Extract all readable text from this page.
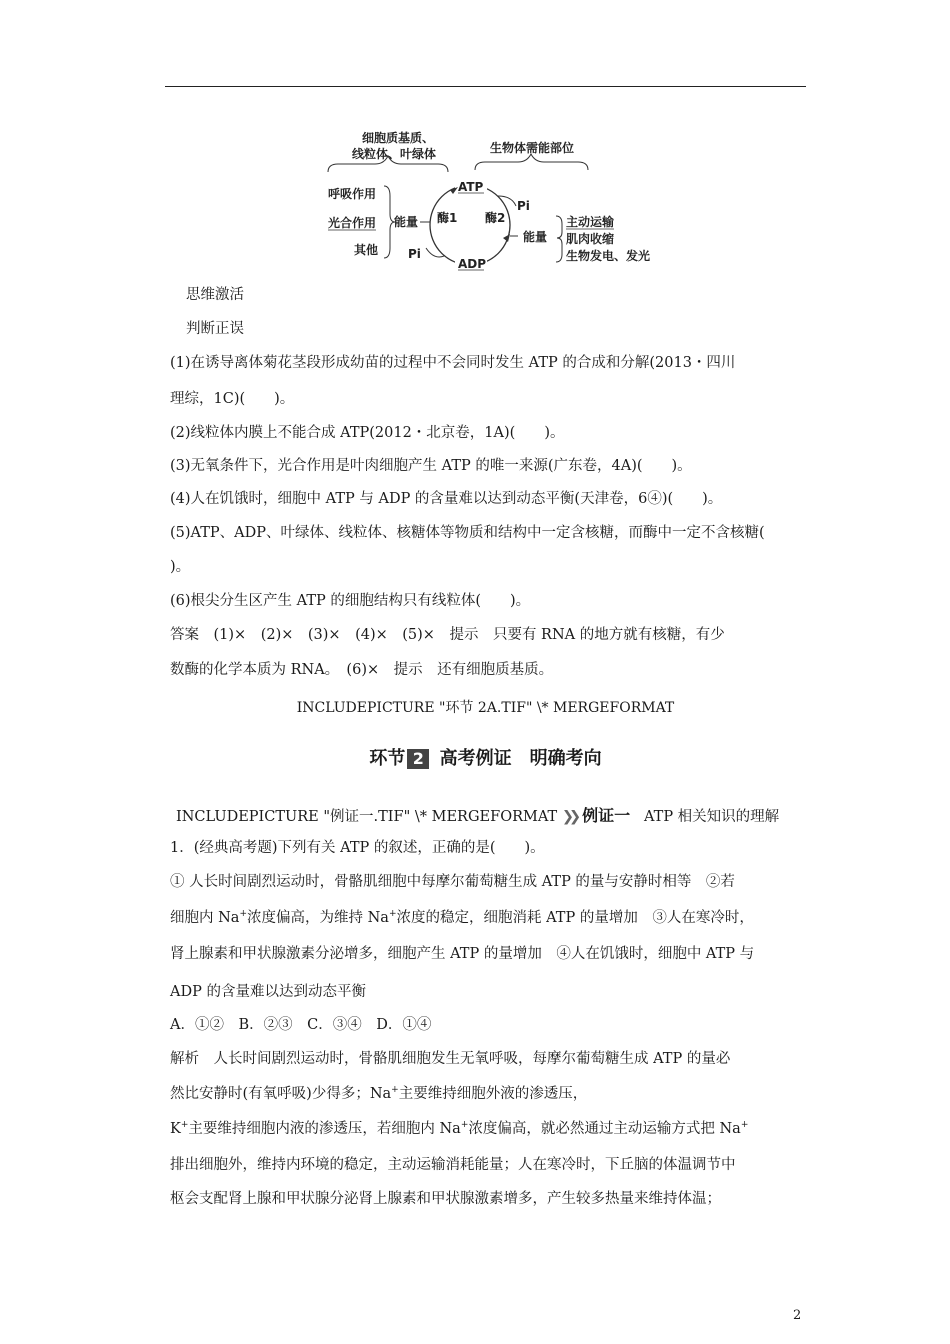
细胞质基质、
线粒体、叶绿体	生物体需能部位
呼吸作用
光合作用
其他
能量
ATP
ADP
酶1 酶2
Pi
Pi
能量
主动运输
肌肉收缩
生物发电、发光
思维激活
判断正误
(1)在诱导离体菊花茎段形成幼苗的过程中不会同时发生 ATP 的合成和分解(2013・四川
理综，1C)(　　)。
(2)线粒体内膜上不能合成 ATP(2012・北京卷，1A)(　　)。
(3)无氧条件下，光合作用是叶肉细胞产生 ATP 的唯一来源(广东卷，4A)(　　)。
(4)人在饥饿时，细胞中 ATP 与 ADP 的含量难以达到动态平衡(天津卷，6④)(　　)。
(5)ATP、ADP、叶绿体、线粒体、核糖体等物质和结构中一定含核糖，而酶中一定不含核糖(
)。
(6)根尖分生区产生 ATP 的细胞结构只有线粒体(　　)。
答案　(1)×　(2)×　(3)×　(4)×　(5)×　提示　只要有 RNA 的地方就有核糖，有少
数酶的化学本质为 RNA。　(6)×　提示　还有细胞质基质。
INCLUDEPICTURE "环节 2A.TIF" \* MERGEFORMAT
环节 2 高考例证　明确考向
INCLUDEPICTURE "例证一.TIF" \* MERGEFORMAT ❯❯ 例证一 ATP 相关知识的理解
1．(经典高考题)下列有关 ATP 的叙述，正确的是(　　)。
① 人长时间剧烈运动时，骨骼肌细胞中每摩尔葡萄糖生成 ATP 的量与安静时相等　②若
细胞内 Na+浓度偏高，为维持 Na+浓度的稳定，细胞消耗 ATP 的量增加　③人在寒冷时，
肾上腺素和甲状腺激素分泌增多，细胞产生 ATP 的量增加　④人在饥饿时，细胞中 ATP 与
ADP 的含量难以达到动态平衡
A．①②　B．②③　C．③④　D．①④
解析　人长时间剧烈运动时，骨骼肌细胞发生无氧呼吸，每摩尔葡萄糖生成 ATP 的量必
然比安静时(有氧呼吸)少得多；Na+主要维持细胞外液的渗透压，
K+主要维持细胞内液的渗透压，若细胞内 Na+浓度偏高，就必然通过主动运输方式把 Na+
排出细胞外，维持内环境的稳定，主动运输消耗能量；人在寒冷时，下丘脑的体温调节中
枢会支配肾上腺和甲状腺分泌肾上腺素和甲状腺激素增多，产生较多热量来维持体温；
2
